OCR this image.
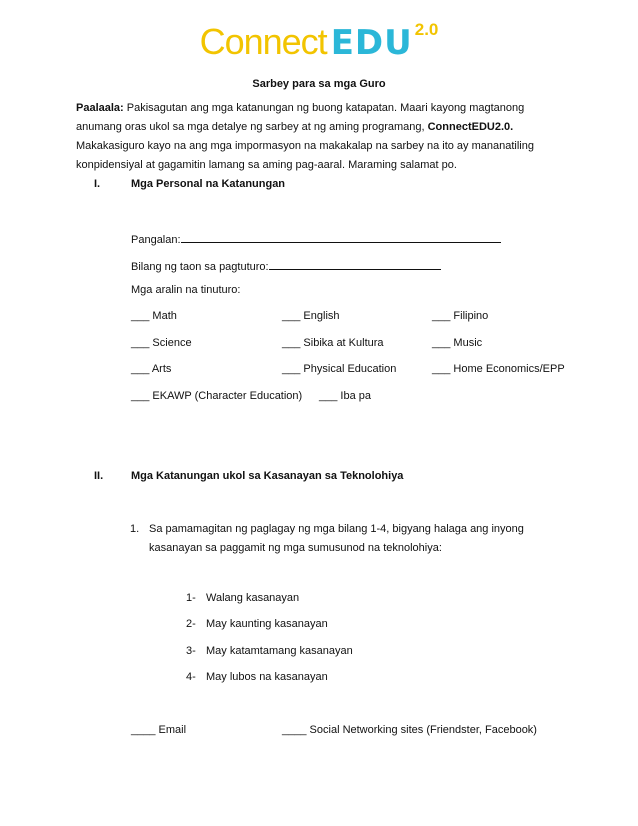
Connect EDU 2.0
Sarbey para sa mga Guro
Paalaala: Pakisagutan ang mga katanungan ng buong katapatan. Maari kayong magtanong anumang oras ukol sa mga detalye ng sarbey at ng aming programang, ConnectEDU2.0. Makakasiguro kayo na ang mga impormasyon na makakalap na sarbey na ito ay mananatiling konpidensiyal at gagamitin lamang sa aming pag-aaral. Maraming salamat po.
I.	Mga Personal na Katanungan
Pangalan:
Bilang ng taon sa pagtuturo:
Mga aralin na tinuturo:
___ Math	___ English	___ Filipino
___ Science	___ Sibika at Kultura	___ Music
___ Arts	___ Physical Education	___ Home Economics/EPP
___ EKAWP (Character Education) ___ Iba pa
II.	Mga Katanungan ukol sa Kasanayan sa Teknolohiya
1. Sa pamamagitan ng paglagay ng mga bilang 1-4, bigyang halaga ang inyong kasanayan sa paggamit ng mga sumusunod na teknolohiya:
1- Walang kasanayan
2- May kaunting kasanayan
3- May katamtamang kasanayan
4- May lubos na kasanayan
____ Email	____ Social Networking sites (Friendster, Facebook)
